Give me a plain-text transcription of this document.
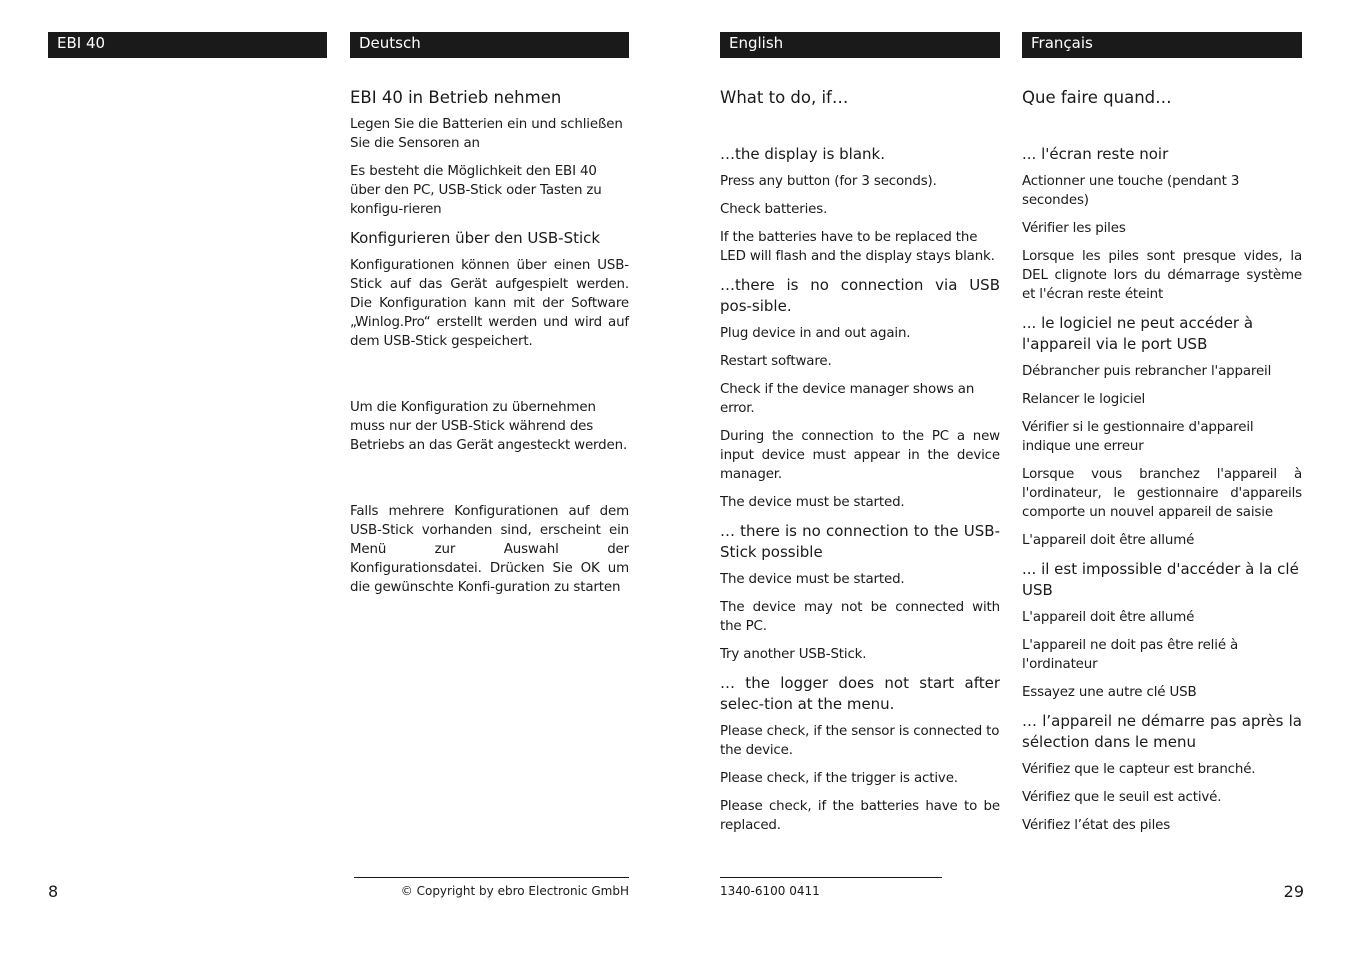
EBI 40	Deutsch	English	Français
EBI 40 in Betrieb nehmen
Legen Sie die Batterien ein und schließen Sie die Sensoren an
Es besteht die Möglichkeit den EBI 40 über den PC, USB-Stick oder Tasten zu konfigu-rieren
Konfigurieren über den USB-Stick
Konfigurationen können über einen USB-Stick auf das Gerät aufgespielt werden. Die Konfiguration kann mit der Software „Winlog.Pro“ erstellt werden und wird auf dem USB-Stick gespeichert.
Um die Konfiguration zu übernehmen muss nur der USB-Stick während des Betriebs an das Gerät angesteckt werden.
Falls mehrere Konfigurationen auf dem USB-Stick vorhanden sind, erscheint ein Menü zur Auswahl der Konfigurationsdatei. Drücken Sie OK um die gewünschte Konfi-guration zu starten
What to do, if…
…the display is blank.
Press any button (for 3 seconds).
Check batteries.
If the batteries have to be replaced the LED will flash and the display stays blank.
…there is no connection via USB pos-sible.
Plug device in and out again.
Restart software.
Check if the device manager shows an error.
During the connection to the PC a new input device must appear in the device manager.
The device must be started.
… there is no connection to the USB-Stick possible
The device must be started.
The device may not be connected with the PC.
Try another USB-Stick.
… the logger does not start after selec-tion at the menu.
Please check, if the sensor is connected to the device.
Please check, if the trigger is active.
Please check, if the batteries have to be replaced.
Que faire quand…
... l'écran reste noir
Actionner une touche (pendant 3 secondes)
Vérifier les piles
Lorsque les piles sont presque vides, la DEL clignote lors du démarrage système et l'écran reste éteint
... le logiciel ne peut accéder à l'appareil via le port USB
Débrancher puis rebrancher l'appareil
Relancer le logiciel
Vérifier si le gestionnaire d'appareil indique une erreur
Lorsque vous branchez l'appareil à l'ordinateur, le gestionnaire d'appareils comporte un nouvel appareil de saisie
L'appareil doit être allumé
... il est impossible d'accéder à la clé USB
L'appareil doit être allumé
L'appareil ne doit pas être relié à l'ordinateur
Essayez une autre clé USB
… l’appareil ne démarre pas après la sélection dans le menu
Vérifiez que le capteur est branché.
Vérifiez que le seuil est activé.
Vérifiez l’état des piles
© Copyright by ebro Electronic GmbH	1340-6100 0411
8	29
